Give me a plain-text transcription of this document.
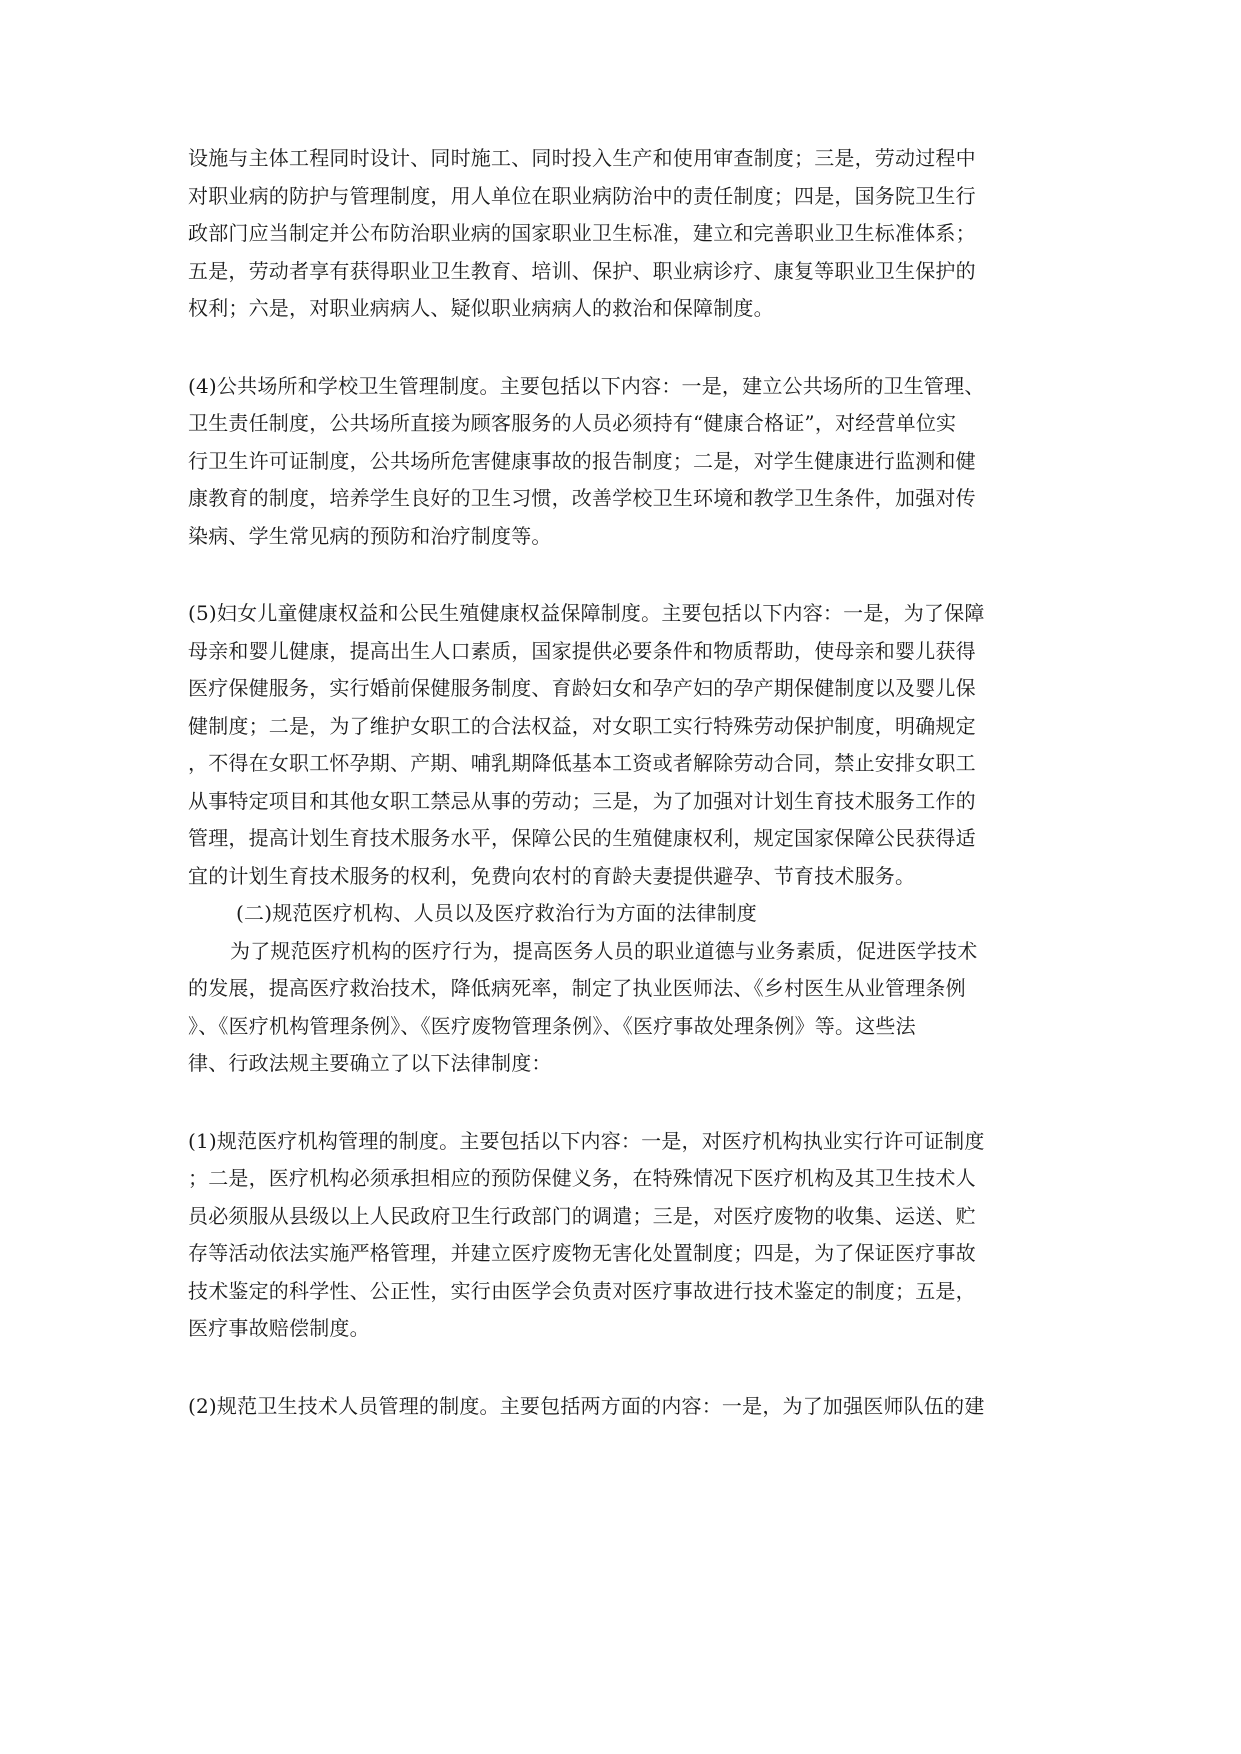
设施与主体工程同时设计、同时施工、同时投入生产和使用审查制度；三是，劳动过程中
对职业病的防护与管理制度，用人单位在职业病防治中的责任制度；四是，国务院卫生行
政部门应当制定并公布防治职业病的国家职业卫生标准，建立和完善职业卫生标准体系；
五是，劳动者享有获得职业卫生教育、培训、保护、职业病诊疗、康复等职业卫生保护的
权利；六是，对职业病病人、疑似职业病病人的救治和保障制度。
(4)公共场所和学校卫生管理制度。主要包括以下内容：一是，建立公共场所的卫生管理、
卫生责任制度，公共场所直接为顾客服务的人员必须持有“健康合格证”，对经营单位实
行卫生许可证制度，公共场所危害健康事故的报告制度；二是，对学生健康进行监测和健
康教育的制度，培养学生良好的卫生习惯，改善学校卫生环境和教学卫生条件，加强对传
染病、学生常见病的预防和治疗制度等。
(5)妇女儿童健康权益和公民生殖健康权益保障制度。主要包括以下内容：一是，为了保障
母亲和婴儿健康，提高出生人口素质，国家提供必要条件和物质帮助，使母亲和婴儿获得
医疗保健服务，实行婚前保健服务制度、育龄妇女和孕产妇的孕产期保健制度以及婴儿保
健制度；二是，为了维护女职工的合法权益，对女职工实行特殊劳动保护制度，明确规定
，不得在女职工怀孕期、产期、哺乳期降低基本工资或者解除劳动合同，禁止安排女职工
从事特定项目和其他女职工禁忌从事的劳动；三是，为了加强对计划生育技术服务工作的
管理，提高计划生育技术服务水平，保障公民的生殖健康权利，规定国家保障公民获得适
宜的计划生育技术服务的权利，免费向农村的育龄夫妻提供避孕、节育技术服务。
(二)规范医疗机构、人员以及医疗救治行为方面的法律制度
为了规范医疗机构的医疗行为，提高医务人员的职业道德与业务素质，促进医学技术
的发展，提高医疗救治技术，降低病死率，制定了执业医师法、《乡村医生从业管理条例
》、《医疗机构管理条例》、《医疗废物管理条例》、《医疗事故处理条例》等。这些法
律、行政法规主要确立了以下法律制度：
(1)规范医疗机构管理的制度。主要包括以下内容：一是，对医疗机构执业实行许可证制度
；二是，医疗机构必须承担相应的预防保健义务，在特殊情况下医疗机构及其卫生技术人
员必须服从县级以上人民政府卫生行政部门的调遣；三是，对医疗废物的收集、运送、贮
存等活动依法实施严格管理，并建立医疗废物无害化处置制度；四是，为了保证医疗事故
技术鉴定的科学性、公正性，实行由医学会负责对医疗事故进行技术鉴定的制度；五是，
医疗事故赔偿制度。
(2)规范卫生技术人员管理的制度。主要包括两方面的内容：一是，为了加强医师队伍的建
